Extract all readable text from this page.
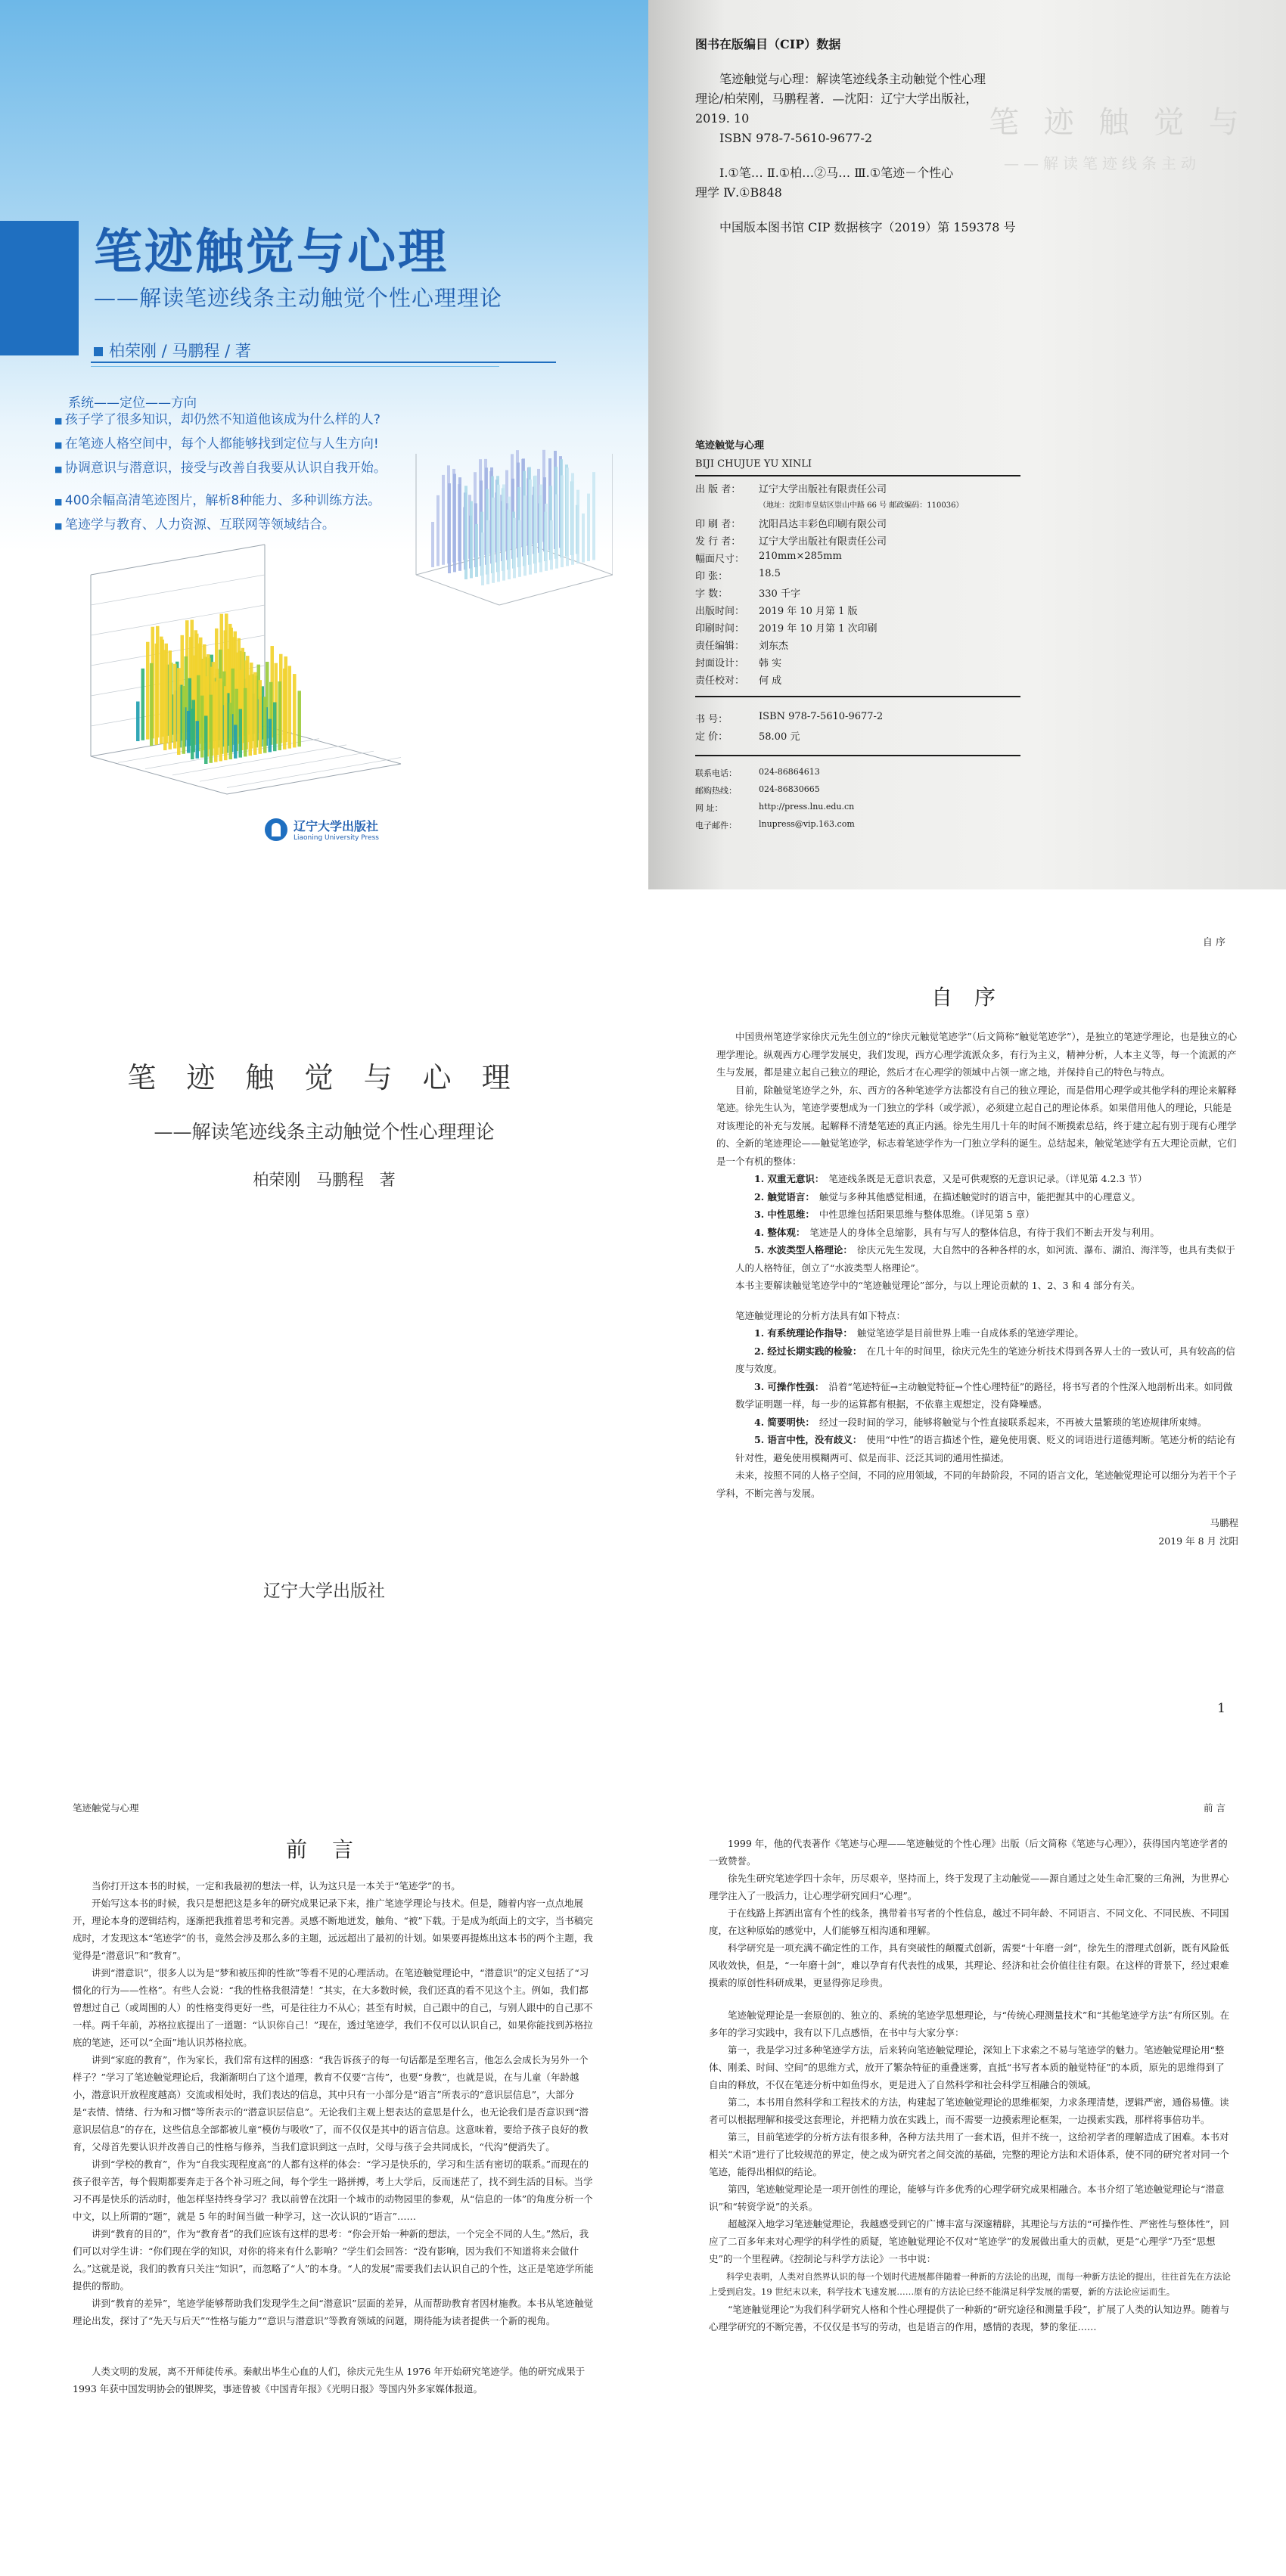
笔迹触觉与心理
——解读笔迹线条主动触觉个性心理理论
柏荣刚 / 马鹏程 / 著
系统——定位——方向
■ 孩子学了很多知识，却仍然不知道他该成为什么样的人?
■ 在笔迹人格空间中，每个人都能够找到定位与人生方向!
■ 协调意识与潜意识，接受与改善自我要从认识自我开始。
■ 400余幅高清笔迹图片，解析8种能力、多种训练方法。
■ 笔迹学与教育、人力资源、互联网等领域结合。
辽宁大学出版社
Liaoning University Press
笔 迹 触 觉 与
——解读笔迹线条主动
图书在版编目（CIP）数据

笔迹触觉与心理：解读笔迹线条主动触觉个性心理

理论/柏荣刚，马鹏程著．—沈阳：辽宁大学出版社，

2019. 10

ISBN 978-7-5610-9677-2

Ⅰ.①笔… Ⅱ.①柏…②马… Ⅲ.①笔迹－个性心

理学 Ⅳ.①B848

中国版本图书馆 CIP 数据核字（2019）第 159378 号

笔迹触觉与心理
BIJI CHUJUE YU XINLI
出 版 者：	辽宁大学出版社有限责任公司
	（地址：沈阳市皇姑区崇山中路 66 号 邮政编码：110036）
印 刷 者：	沈阳昌达丰彩色印刷有限公司
发 行 者：	辽宁大学出版社有限责任公司
幅面尺寸：	210mm×285mm
印 张：	18.5
字 数：	330 千字
出版时间：	2019 年 10 月第 1 版
印刷时间：	2019 年 10 月第 1 次印刷
责任编辑：	刘东杰
封面设计：	韩 实
责任校对：	何 成
书 号：	ISBN 978-7-5610-9677-2
定 价：	58.00 元
联系电话：	024-86864613
邮购热线：	024-86830665
网 址：	http://press.lnu.edu.cn
电子邮件：	lnupress@vip.163.com
笔 迹 触 觉 与 心 理
——解读笔迹线条主动触觉个性心理理论
柏荣刚 马鹏程 著
辽宁大学出版社
自 序
自 序

中国贵州笔迹学家徐庆元先生创立的“徐庆元触觉笔迹学”（后文简称“触觉笔迹学”），是独立的笔迹学理论，也是独立的心理学理论。纵观西方心理学发展史，我们发现，西方心理学流派众多，有行为主义，精神分析，人本主义等，每一个流派的产生与发展，都是建立起自己独立的理论，然后才在心理学的领域中占领一席之地，并保持自己的特色与特点。

目前，除触觉笔迹学之外，东、西方的各种笔迹学方法都没有自己的独立理论，而是借用心理学或其他学科的理论来解释笔迹。徐先生认为，笔迹学要想成为一门独立的学科（或学派），必须建立起自己的理论体系。如果借用他人的理论，只能是对该理论的补充与发展。起解释不清楚笔迹的真正内涵。徐先生用几十年的时间不断摸索总结，终于建立起有别于现有心理学的、全新的笔迹理论——触觉笔迹学，标志着笔迹学作为一门独立学科的诞生。总结起来，触觉笔迹学有五大理论贡献，它们是一个有机的整体：

1. 双重无意识： 笔迹线条既是无意识表意，又是可供观察的无意识记录。（详见第 4.2.3 节）

2. 触觉语言： 触觉与多种其他感觉相通，在描述触觉时的语言中，能把握其中的心理意义。

3. 中性思维： 中性思维包括阳果思维与整体思维。（详见第 5 章）

4. 整体观： 笔迹是人的身体全息缩影，具有与写人的整体信息，有待于我们不断去开发与利用。

5. 水波类型人格理论： 徐庆元先生发现，大自然中的各种各样的水，如河流、瀑布、湖泊、海洋等，也具有类似于人的人格特征，创立了“水波类型人格理论”。

本书主要解读触觉笔迹学中的“笔迹触觉理论”部分，与以上理论贡献的 1、2、3 和 4 部分有关。

笔迹触觉理论的分析方法具有如下特点：

1. 有系统理论作指导： 触觉笔迹学是目前世界上唯一自成体系的笔迹学理论。

2. 经过长期实践的检验： 在几十年的时间里，徐庆元先生的笔迹分析技术得到各界人士的一致认可，具有较高的信度与效度。

3. 可操作性强： 沿着“笔迹特征→主动触觉特征→个性心理特征”的路径，将书写者的个性深入地剖析出来。如同做数学证明题一样，每一步的运算都有根据，不依靠主观想定，没有降噪感。

4. 简要明快： 经过一段时间的学习，能够将触觉与个性直接联系起来，不再被大量繁琐的笔迹规律所束缚。

5. 语言中性，没有歧义： 使用“中性”的语言描述个性，避免使用褒、贬义的词语进行道德判断。笔迹分析的结论有针对性，避免使用模糊两可、似是而非、泛泛其词的通用性描述。

未来，按照不同的人格子空间，不同的应用领域，不同的年龄阶段，不同的语言文化，笔迹触觉理论可以细分为若干个子学科，不断完善与发展。

马鹏程
2019 年 8 月 沈阳
1
笔迹触觉与心理
前 言

当你打开这本书的时候，一定和我最初的想法一样，认为这只是一本关于“笔迹学”的书。

开始写这本书的时候，我只是想把这是多年的研究成果记录下来，推广笔迹学理论与技术。但是，随着内容一点点地展开，理论本身的逻辑结构，逐渐把我推着思考和完善。灵感不断地迸发，触角、“被”下载。于是成为纸面上的文字，当书稿完成时，才发现这本“笔迹学”的书，竟然会涉及那么多的主题，远远超出了最初的计划。如果要再提炼出这本书的两个主题，我觉得是“潜意识”和“教育”。

讲到“潜意识”，很多人以为是“梦和被压抑的性欲”等看不见的心理活动。在笔迹触觉理论中，“潜意识”的定义包括了“习惯化的行为——性格”。有些人会说：“我的性格我很清楚！”其实，在大多数时候，我们还真的看不见这个主。例如，我们都曾想过自己（或周围的人）的性格变得更好一些，可是往往力不从心；甚至有时候，自己跟中的自己，与别人跟中的自己那不一样。两千年前，苏格拉底提出了一道题：“认识你自己！”现在，透过笔迹学，我们不仅可以认识自己，如果你能找到苏格拉底的笔迹，还可以“全面”地认识苏格拉底。

讲到“家庭的教育”，作为家长，我们常有这样的困惑：“我告诉孩子的每一句话都是至理名言，他怎么会成长为另外一个样子？”学习了笔迹触觉理论后，我渐渐明白了这个道理，教育不仅要“言传”，也要“身教”，也就是说，在与儿童（年龄越小，潜意识开放程度越高）交流或相处时，我们表达的信息，其中只有一小部分是“语言”所表示的“意识层信息”，大部分是“表情、情绪、行为和习惯”等所表示的“潜意识层信息”。无论我们主观上想表达的意思是什么，也无论我们是否意识到“潜意识层信息”的存在，这些信息全部都被儿童“模仿与吸收”了，而不仅仅是其中的语言信息。这意味着，要给予孩子良好的教育，父母首先要认识并改善自己的性格与修养，当我们意识到这一点时，父母与孩子会共同成长，“代沟”便消失了。

讲到“学校的教育”，作为“自我实现程度高”的人都有这样的体会：“学习是快乐的，学习和生活有密切的联系。”而现在的孩子很辛苦，每个假期都要奔走于各个补习班之间，每个学生一路拼搏，考上大学后，反而迷茫了，找不到生活的目标。当学习不再是快乐的活动时，他怎样坚持终身学习？我以前曾在沈阳一个城市的动物园里的参观，从“信息的一体”的角度分析一个中文，以上所谓的“题”，就是 5 年的时间当做一种学习，这一次认识的“语言”……

讲到“教育的目的”，作为“教育者”的我们应该有这样的思考：“你会开始一种新的想法，一个完全不同的人生。”然后，我们可以对学生讲：“你们现在学的知识，对你的将来有什么影响？”学生们会回答：“没有影响，因为我们不知道将来会做什么。”这就是说，我们的教育只关注“知识”，而忽略了“人”的本身。“人的发展”需要我们去认识自己的个性，这正是笔迹学所能提供的帮助。

讲到“教育的差异”，笔迹学能够帮助我们发现学生之间“潜意识”层面的差异，从而帮助教育者因材施教。本书从笔迹触觉理论出发，探讨了“先天与后天”“性格与能力”“意识与潜意识”等教育领域的问题，期待能为读者提供一个新的视角。

人类文明的发展，离不开师徒传承。秦献出毕生心血的人们，徐庆元先生从 1976 年开始研究笔迹学。他的研究成果于 1993 年获中国发明协会的银牌奖，事迹曾被《中国青年报》《光明日报》等国内外多家媒体报道。

前 言

1999 年，他的代表著作《笔迹与心理——笔迹触觉的个性心理》出版（后文简称《笔迹与心理》），获得国内笔迹学者的一致赞誉。

徐先生研究笔迹学四十余年，历尽艰辛，坚持而上，终于发现了主动触觉——源自通过之处生命汇聚的三角洲，为世界心理学注入了一股活力，让心理学研究回归“心理”。

于在线路上挥洒出富有个性的线条，携带着书写者的个性信息，越过不同年龄、不同语言、不同文化、不同民族、不同国度，在这种原始的感觉中，人们能够互相沟通和理解。

科学研究是一项充满不确定性的工作，具有突破性的颠覆式创新，需要“十年磨一剑”，徐先生的潜理式创新，既有风险低风收效快，但是，“一年磨十剑”，难以孕育有代表性的成果，其理论、经济和社会价值往往有限。在这样的背景下，经过艰难摸索的原创性科研成果，更显得弥足珍贵。

笔迹触觉理论是一套原创的、独立的、系统的笔迹学思想理论，与“传统心理测量技术”和“其他笔迹学方法”有所区别。在多年的学习实践中，我有以下几点感悟，在书中与大家分享：

第一，我是学习过多种笔迹学方法，后来转向笔迹触觉理论，深知上下求索之不易与笔迹学的魅力。笔迹触觉理论用“整体、刚柔、时间、空间”的思维方式，放开了繁杂特征的重叠迷雾，直抵“书写者本质的触觉特征”的本质，原先的思维得到了自由的释放，不仅在笔迹分析中如鱼得水，更是进入了自然科学和社会科学互相融合的领域。

第二，本书用自然科学和工程技术的方法，构建起了笔迹触觉理论的思维框架，力求条理清楚，逻辑严密，通俗易懂。读者可以根据理解和接受这套理论，并把精力放在实践上，而不需要一边摸索理论框架，一边摸索实践，那样将事倍功半。

第三，目前笔迹学的分析方法有很多种，各种方法共用了一套术语，但并不统一，这给初学者的理解造成了困难。本书对相关“术语”进行了比较规范的界定，使之成为研究者之间交流的基础，完整的理论方法和术语体系，使不同的研究者对同一个笔迹，能得出相似的结论。

第四，笔迹触觉理论是一项开创性的理论，能够与许多优秀的心理学研究成果相融合。本书介绍了笔迹触觉理论与“潜意识”和“转资学说”的关系。

超越深入地学习笔迹触觉理论，我越感受到它的广博丰富与深邃精辟，其理论与方法的“可操作性、严密性与整体性”，回应了二百多年来对心理学的科学性的质疑，笔迹触觉理论不仅对“笔迹学”的发展做出重大的贡献，更是“心理学”乃至“思想史”的一个里程碑。《控制论与科学方法论》一书中说：

科学史表明，人类对自然界认识的每一个划时代进展都伴随着一种新的方法论的出现，而每一种新方法论的提出，往往首先在方法论上受到启发。19 世纪末以来，科学技术飞速发展……原有的方法论已经不能满足科学发展的需要，新的方法论应运而生。

“笔迹触觉理论”为我们科学研究人格和个性心理提供了一种新的“研究途径和测量手段”，扩展了人类的认知边界。随着与心理学研究的不断完善，不仅仅是书写的劳动，也是语言的作用，感情的表现，梦的象征……
